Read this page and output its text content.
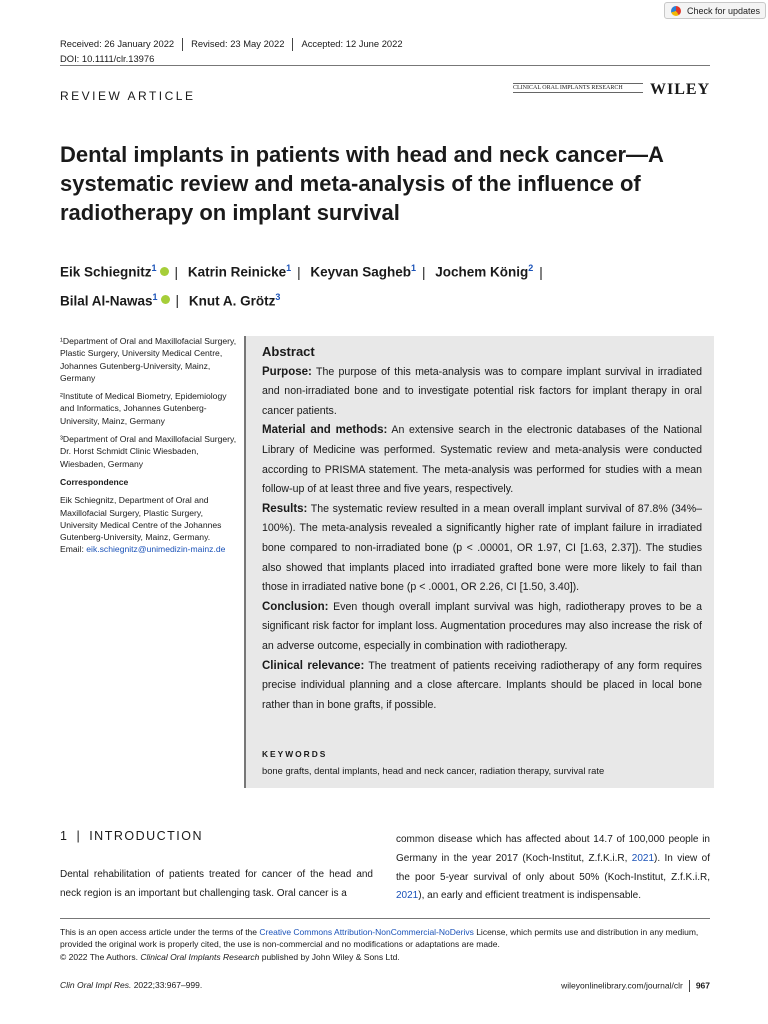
Check for updates
Received: 26 January 2022 Revised: 23 May 2022 Accepted: 12 June 2022
DOI: 10.1111/clr.13976
REVIEW ARTICLE
CLINICAL ORAL IMPLANTS RESEARCH	WILEY
Dental implants in patients with head and neck cancer—A systematic review and meta-analysis of the influence of radiotherapy on implant survival
Eik Schiegnitz$^1$ | Katrin Reinicke$^1$ | Keyvan Sagheb$^1$ | Jochem König$^2$ |
Bilal Al-Nawas$^1$ | Knut A. Grötz$^3$

¹Department of Oral and Maxillofacial Surgery, Plastic Surgery, University Medical Centre, Johannes Gutenberg-University, Mainz, Germany

²Institute of Medical Biometry, Epidemiology and Informatics, Johannes Gutenberg-University, Mainz, Germany

³Department of Oral and Maxillofacial Surgery, Dr. Horst Schmidt Clinic Wiesbaden, Wiesbaden, Germany

Correspondence

Eik Schiegnitz, Department of Oral and Maxillofacial Surgery, Plastic Surgery, University Medical Centre of the Johannes Gutenberg-University, Mainz, Germany.
Email: eik.schiegnitz@unimedizin-mainz.de

Abstract

Purpose: The purpose of this meta-analysis was to compare implant survival in irradiated and non-irradiated bone and to investigate potential risk factors for implant therapy in oral cancer patients.

Material and methods: An extensive search in the electronic databases of the National Library of Medicine was performed. Systematic review and meta-analysis were conducted according to PRISMA statement. The meta-analysis was performed for studies with a mean follow-up of at least three and five years, respectively.

Results: The systematic review resulted in a mean overall implant survival of 87.8% (34%–100%). The meta-analysis revealed a significantly higher rate of implant failure in irradiated bone compared to non-irradiated bone (p < .00001, OR 1.97, CI [1.63, 2.37]). The studies also showed that implants placed into irradiated grafted bone were more likely to fail than those in irradiated native bone (p < .0001, OR 2.26, CI [1.50, 3.40]).

Conclusion: Even though overall implant survival was high, radiotherapy proves to be a significant risk factor for implant loss. Augmentation procedures may also increase the risk of an adverse outcome, especially in combination with radiotherapy.

Clinical relevance: The treatment of patients receiving radiotherapy of any form requires precise individual planning and a close aftercare. Implants should be placed in local bone rather than in bone grafts, if possible.

KEYWORDS
bone grafts, dental implants, head and neck cancer, radiation therapy, survival rate
1 | INTRODUCTION

Dental rehabilitation of patients treated for cancer of the head and neck region is an important but challenging task. Oral cancer is a

common disease which has affected about 14.7 of 100,000 people in Germany in the year 2017 (Koch-Institut, Z.f.K.i.R, 2021). In view of the poor 5-year survival of only about 50% (Koch-Institut, Z.f.K.i.R, 2021), an early and efficient treatment is indispensable.

This is an open access article under the terms of the Creative Commons Attribution-NonCommercial-NoDerivs License, which permits use and distribution in any medium, provided the original work is properly cited, the use is non-commercial and no modifications or adaptations are made.

© 2022 The Authors. Clinical Oral Implants Research published by John Wiley & Sons Ltd.

Clin Oral Impl Res. 2022;33:967–999.	wileyonlinelibrary.com/journal/clr 967
